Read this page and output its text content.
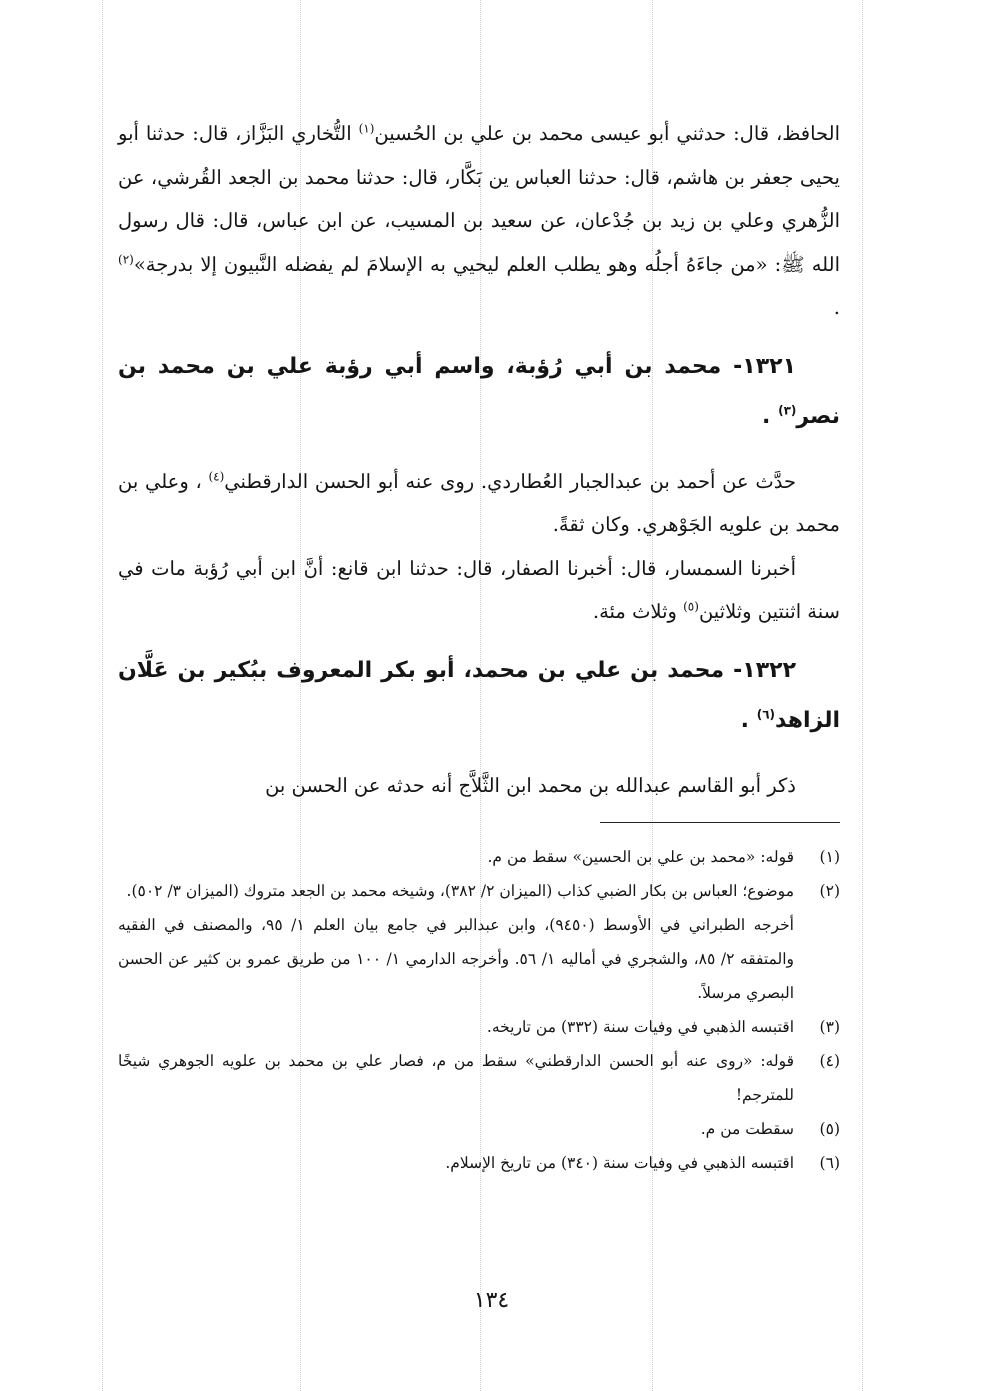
الحافظ، قال: حدثني أبو عيسى محمد بن علي بن الحُسين$^{(١)}$ التُّخاري البَزَّاز، قال: حدثنا أبو يحيى جعفر بن هاشم، قال: حدثنا العباس ين بَكَّار، قال: حدثنا محمد بن الجعد القُرشي، عن الزُّهري وعلي بن زيد بن جُدْعان، عن سعيد بن المسيب، عن ابن عباس، قال: قال رسول الله ﷺ: «من جاءَهُ أجلُه وهو يطلب العلم ليحيي به الإسلامَ لم يفضله النَّبيون إلا بدرجة»$^{(٢)}$ .

١٣٢١- محمد بن أبي رُؤبة، واسم أبي رؤبة علي بن محمد بن نصر$^{(٣)}$ .

حدَّث عن أحمد بن عبدالجبار العُطاردي. روى عنه أبو الحسن الدارقطني$^{(٤)}$ ، وعلي بن محمد بن علويه الجَوْهري. وكان ثقةً.

أخبرنا السمسار، قال: أخبرنا الصفار، قال: حدثنا ابن قانع: أنَّ ابن أبي رُؤبة مات في سنة اثنتين وثلاثين$^{(٥)}$ وثلاث مئة.

١٣٢٢- محمد بن علي بن محمد، أبو بكر المعروف ببُكير بن عَلَّان الزاهد$^{(٦)}$ .

ذكر أبو القاسم عبدالله بن محمد ابن الثَّلاَّج أنه حدثه عن الحسن بن

(١)
قوله: «محمد بن علي بن الحسين» سقط من م.
(٢)
موضوع؛ العباس بن بكار الضبي كذاب (الميزان ٢/ ٣٨٢)، وشيخه محمد بن الجعد متروك (الميزان ٣/ ٥٠٢).
أخرجه الطبراني في الأوسط (٩٤٥٠)، وابن عبدالبر في جامع بيان العلم ١/ ٩٥، والمصنف في الفقيه والمتفقه ٢/ ٨٥، والشجري في أماليه ١/ ٥٦. وأخرجه الدارمي ١/ ١٠٠ من طريق عمرو بن كثير عن الحسن البصري مرسلاً.
(٣)
اقتبسه الذهبي في وفيات سنة (٣٣٢) من تاريخه.
(٤)
قوله: «روى عنه أبو الحسن الدارقطني» سقط من م، فصار علي بن محمد بن علويه الجوهري شيخًا للمترجم!
(٥)
سقطت من م.
(٦)
اقتبسه الذهبي في وفيات سنة (٣٤٠) من تاريخ الإسلام.
١٣٤
